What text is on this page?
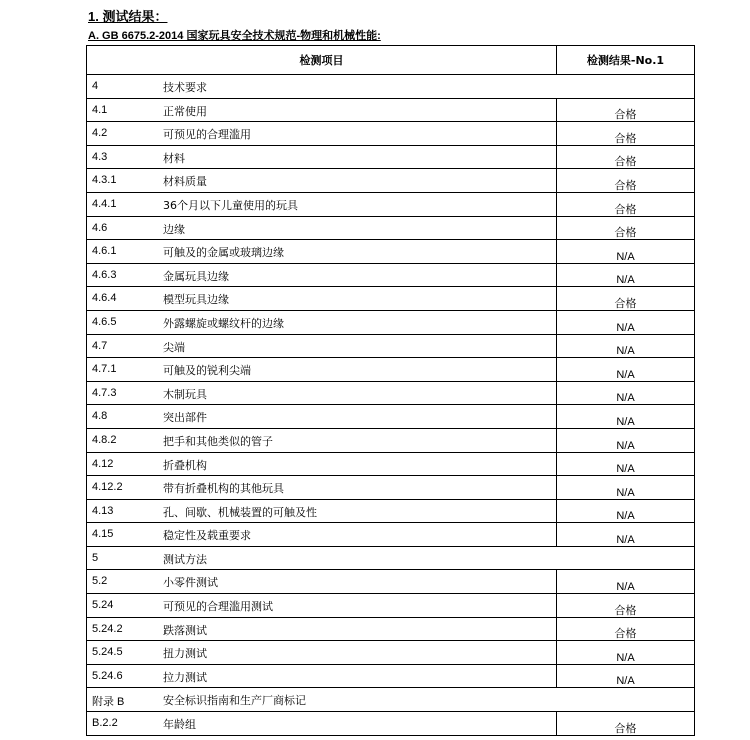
1. 测试结果：
A. GB 6675.2-2014 国家玩具安全技术规范-物理和机械性能:
检测项目	检测结果-No.1

4 技术要求	

4.1 正常使用	合格

4.2 可预见的合理滥用	合格

4.3 材料	合格

4.3.1 材料质量	合格

4.4.1 36个月以下儿童使用的玩具	合格

4.6 边缘	合格

4.6.1 可触及的金属或玻璃边缘	N/A

4.6.3 金属玩具边缘	N/A

4.6.4 模型玩具边缘	合格

4.6.5 外露螺旋或螺纹杆的边缘	N/A

4.7 尖端	N/A

4.7.1 可触及的锐利尖端	N/A

4.7.3 木制玩具	N/A

4.8 突出部件	N/A

4.8.2 把手和其他类似的管子	N/A

4.12 折叠机构	N/A

4.12.2 带有折叠机构的其他玩具	N/A

4.13 孔、间歇、机械装置的可触及性	N/A

4.15 稳定性及载重要求	N/A

5 测试方法	

5.2 小零件测试	N/A

5.24 可预见的合理滥用测试	合格

5.24.2 跌落测试	合格

5.24.5 扭力测试	N/A

5.24.6 拉力测试	N/A

附录 B 安全标识指南和生产厂商标记	

B.2.2 年龄组	合格
